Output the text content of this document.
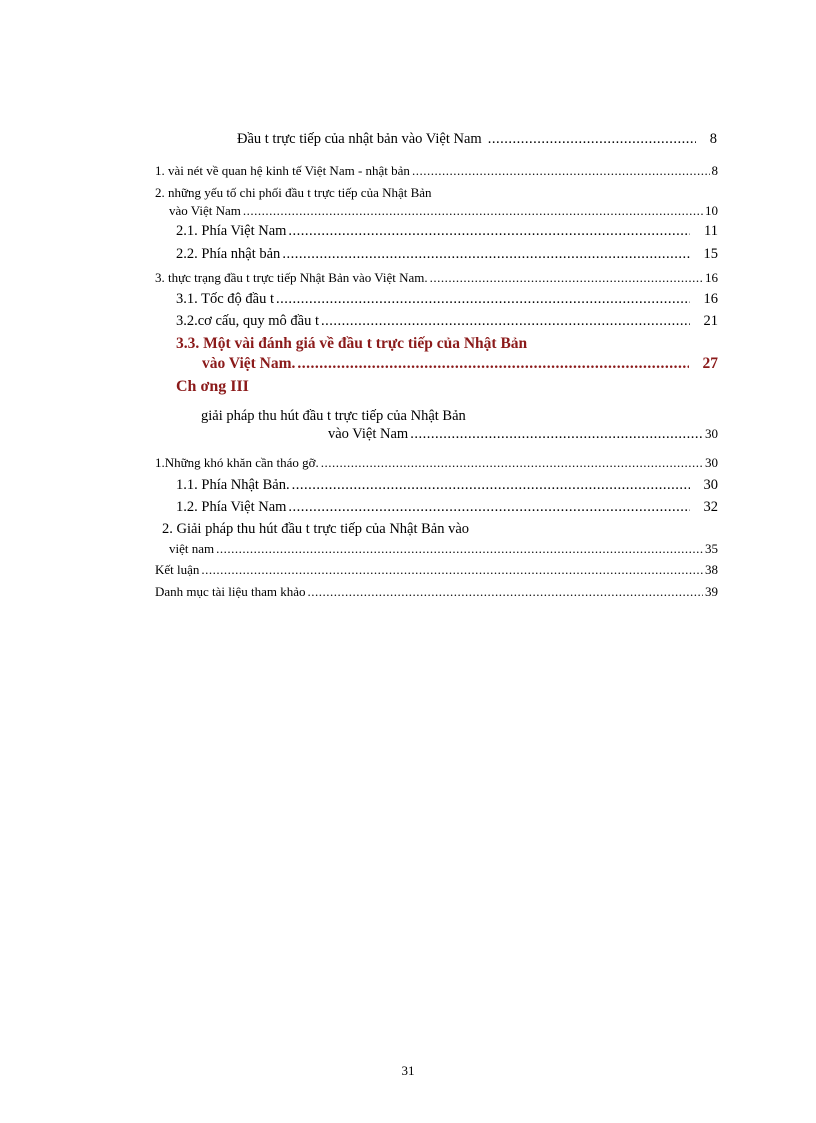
Đầu t trực tiếp của nhật bản vào Việt Nam .....	8
1. vài nét về quan hệ kinh tế Việt Nam - nhật bản .....	8
2. những yếu tố chi phối đầu t trực tiếp của Nhật Bản
vào Việt Nam .....	10
2.1. Phía Việt Nam .....	11
2.2. Phía nhật bản .....	15
3. thực trạng đầu t trực tiếp Nhật Bản vào Việt Nam. .....	16
3.1. Tốc độ đầu t .....	16
3.2.cơ cấu, quy mô đầu t .....	21
3.3. Một vài đánh giá về đầu t trực tiếp của Nhật Bản
vào Việt Nam. .....	27
Ch ơng III
giải pháp thu hút đầu t trực tiếp của Nhật Bản
vào Việt Nam .....	30
1.Những khó khăn cần tháo gỡ. .....	30
1.1. Phía Nhật Bản. .....	30
1.2. Phía Việt Nam .....	32
2. Giải pháp thu hút đầu t trực tiếp của Nhật Bản vào
việt nam .....	35
Kết luận .....	38
Danh mục tài liệu tham khảo .....	39
31
